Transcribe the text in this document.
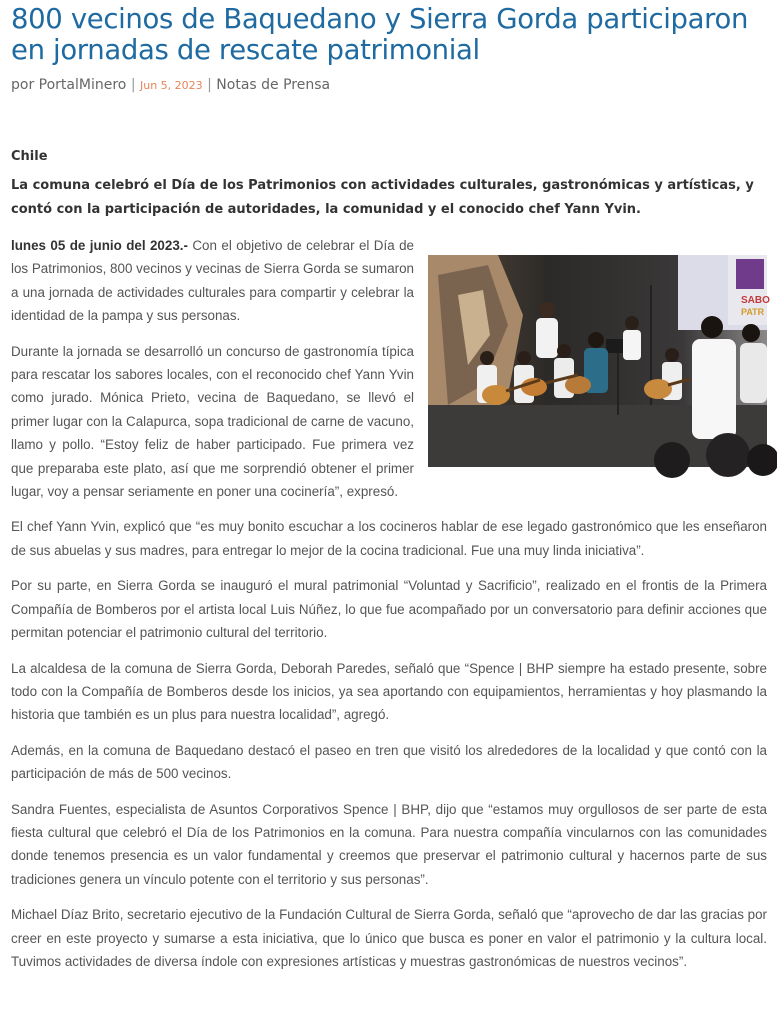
800 vecinos de Baquedano y Sierra Gorda participaron en jornadas de rescate patrimonial
por PortalMinero | Jun 5, 2023 | Notas de Prensa
Chile

La comuna celebró el Día de los Patrimonios con actividades culturales, gastronómicas y artísticas, y contó con la participación de autoridades, la comunidad y el conocido chef Yann Yvin.

SABO
PATR

lunes 05 de junio del 2023.- Con el objetivo de celebrar el Día de los Patrimonios, 800 vecinos y vecinas de Sierra Gorda se sumaron a una jornada de actividades culturales para compartir y celebrar la identidad de la pampa y sus personas.

Durante la jornada se desarrolló un concurso de gastronomía típica para rescatar los sabores locales, con el reconocido chef Yann Yvin como jurado. Mónica Prieto, vecina de Baquedano, se llevó el primer lugar con la Calapurca, sopa tradicional de carne de vacuno, llamo y pollo. “Estoy feliz de haber participado. Fue primera vez que preparaba este plato, así que me sorprendió obtener el primer lugar, voy a pensar seriamente en poner una cocinería”, expresó.

El chef Yann Yvin, explicó que “es muy bonito escuchar a los cocineros hablar de ese legado gastronómico que les enseñaron de sus abuelas y sus madres, para entregar lo mejor de la cocina tradicional. Fue una muy linda iniciativa”.

Por su parte, en Sierra Gorda se inauguró el mural patrimonial “Voluntad y Sacrificio”, realizado en el frontis de la Primera Compañía de Bomberos por el artista local Luis Núñez, lo que fue acompañado por un conversatorio para definir acciones que permitan potenciar el patrimonio cultural del territorio.

La alcaldesa de la comuna de Sierra Gorda, Deborah Paredes, señaló que “Spence | BHP siempre ha estado presente, sobre todo con la Compañía de Bomberos desde los inicios, ya sea aportando con equipamientos, herramientas y hoy plasmando la historia que también es un plus para nuestra localidad”, agregó.

Además, en la comuna de Baquedano destacó el paseo en tren que visitó los alrededores de la localidad y que contó con la participación de más de 500 vecinos.

Sandra Fuentes, especialista de Asuntos Corporativos Spence | BHP, dijo que “estamos muy orgullosos de ser parte de esta fiesta cultural que celebró el Día de los Patrimonios en la comuna. Para nuestra compañía vincularnos con las comunidades donde tenemos presencia es un valor fundamental y creemos que preservar el patrimonio cultural y hacernos parte de sus tradiciones genera un vínculo potente con el territorio y sus personas”.

Michael Díaz Brito, secretario ejecutivo de la Fundación Cultural de Sierra Gorda, señaló que “aprovecho de dar las gracias por creer en este proyecto y sumarse a esta iniciativa, que lo único que busca es poner en valor el patrimonio y la cultura local. Tuvimos actividades de diversa índole con expresiones artísticas y muestras gastronómicas de nuestros vecinos”.
